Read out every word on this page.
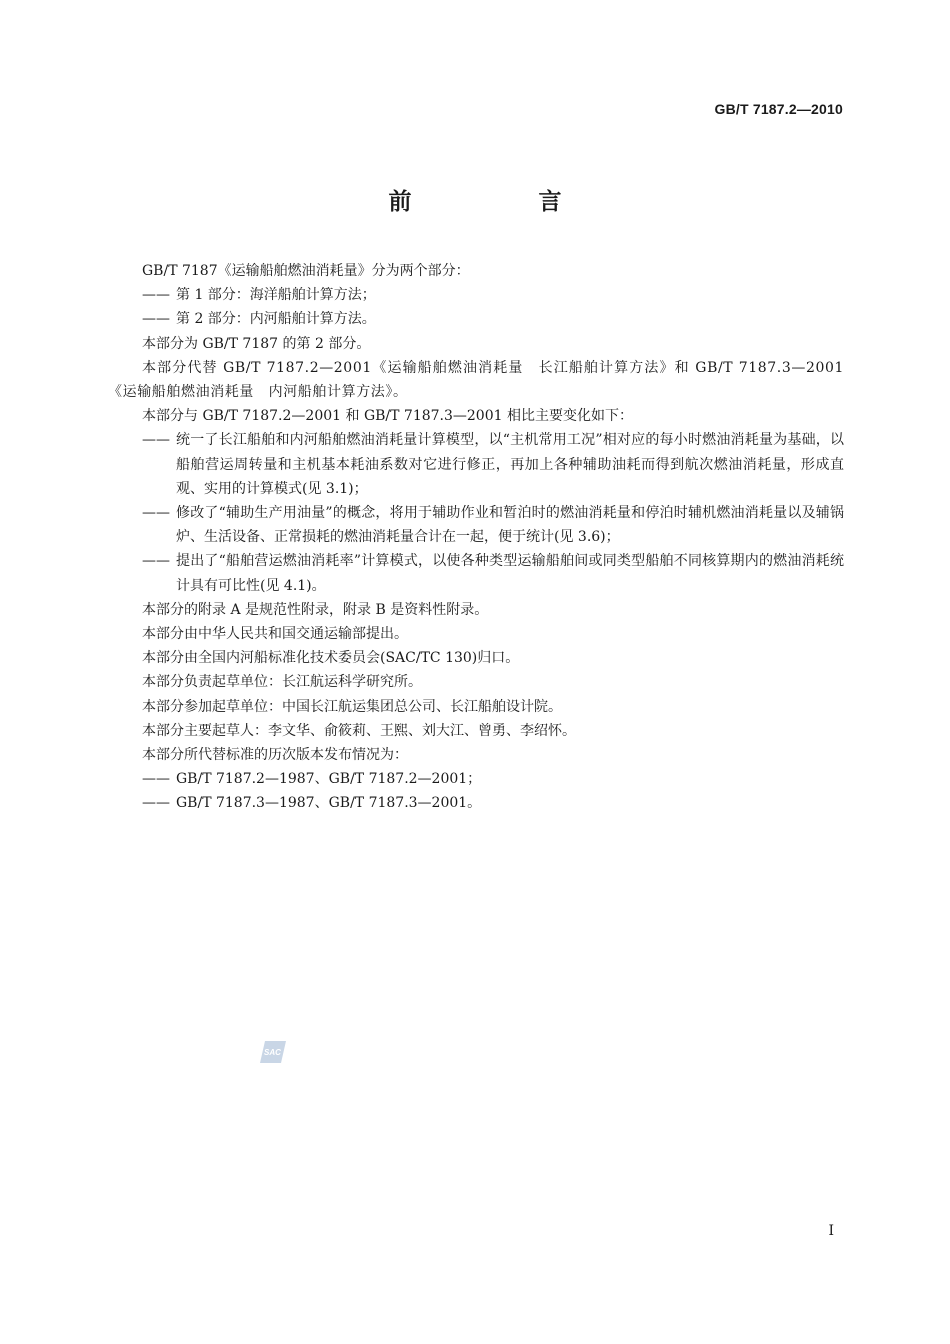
GB/T 7187.2—2010
前　言

GB/T 7187《运输船舶燃油消耗量》分为两个部分：

—— 第 1 部分：海洋船舶计算方法；

—— 第 2 部分：内河船舶计算方法。

本部分为 GB/T 7187 的第 2 部分。

本部分代替 GB/T 7187.2—2001《运输船舶燃油消耗量　长江船舶计算方法》和 GB/T 7187.3—2001《运输船舶燃油消耗量　内河船舶计算方法》。

本部分与 GB/T 7187.2—2001 和 GB/T 7187.3—2001 相比主要变化如下：

—— 统一了长江船舶和内河船舶燃油消耗量计算模型，以“主机常用工况”相对应的每小时燃油消耗量为基础，以船舶营运周转量和主机基本耗油系数对它进行修正，再加上各种辅助油耗而得到航次燃油消耗量，形成直观、实用的计算模式(见 3.1)；

—— 修改了“辅助生产用油量”的概念，将用于辅助作业和暂泊时的燃油消耗量和停泊时辅机燃油消耗量以及辅锅炉、生活设备、正常损耗的燃油消耗量合计在一起，便于统计(见 3.6)；

—— 提出了“船舶营运燃油消耗率”计算模式，以使各种类型运输船舶间或同类型船舶不同核算期内的燃油消耗统计具有可比性(见 4.1)。

本部分的附录 A 是规范性附录，附录 B 是资料性附录。

本部分由中华人民共和国交通运输部提出。

本部分由全国内河船标准化技术委员会(SAC/TC 130)归口。

本部分负责起草单位：长江航运科学研究所。

本部分参加起草单位：中国长江航运集团总公司、长江船舶设计院。

本部分主要起草人：李文华、俞筱莉、王熙、刘大江、曾勇、李绍怀。

本部分所代替标准的历次版本发布情况为：

—— GB/T 7187.2—1987、GB/T 7187.2—2001；

—— GB/T 7187.3—1987、GB/T 7187.3—2001。

SAC
I
